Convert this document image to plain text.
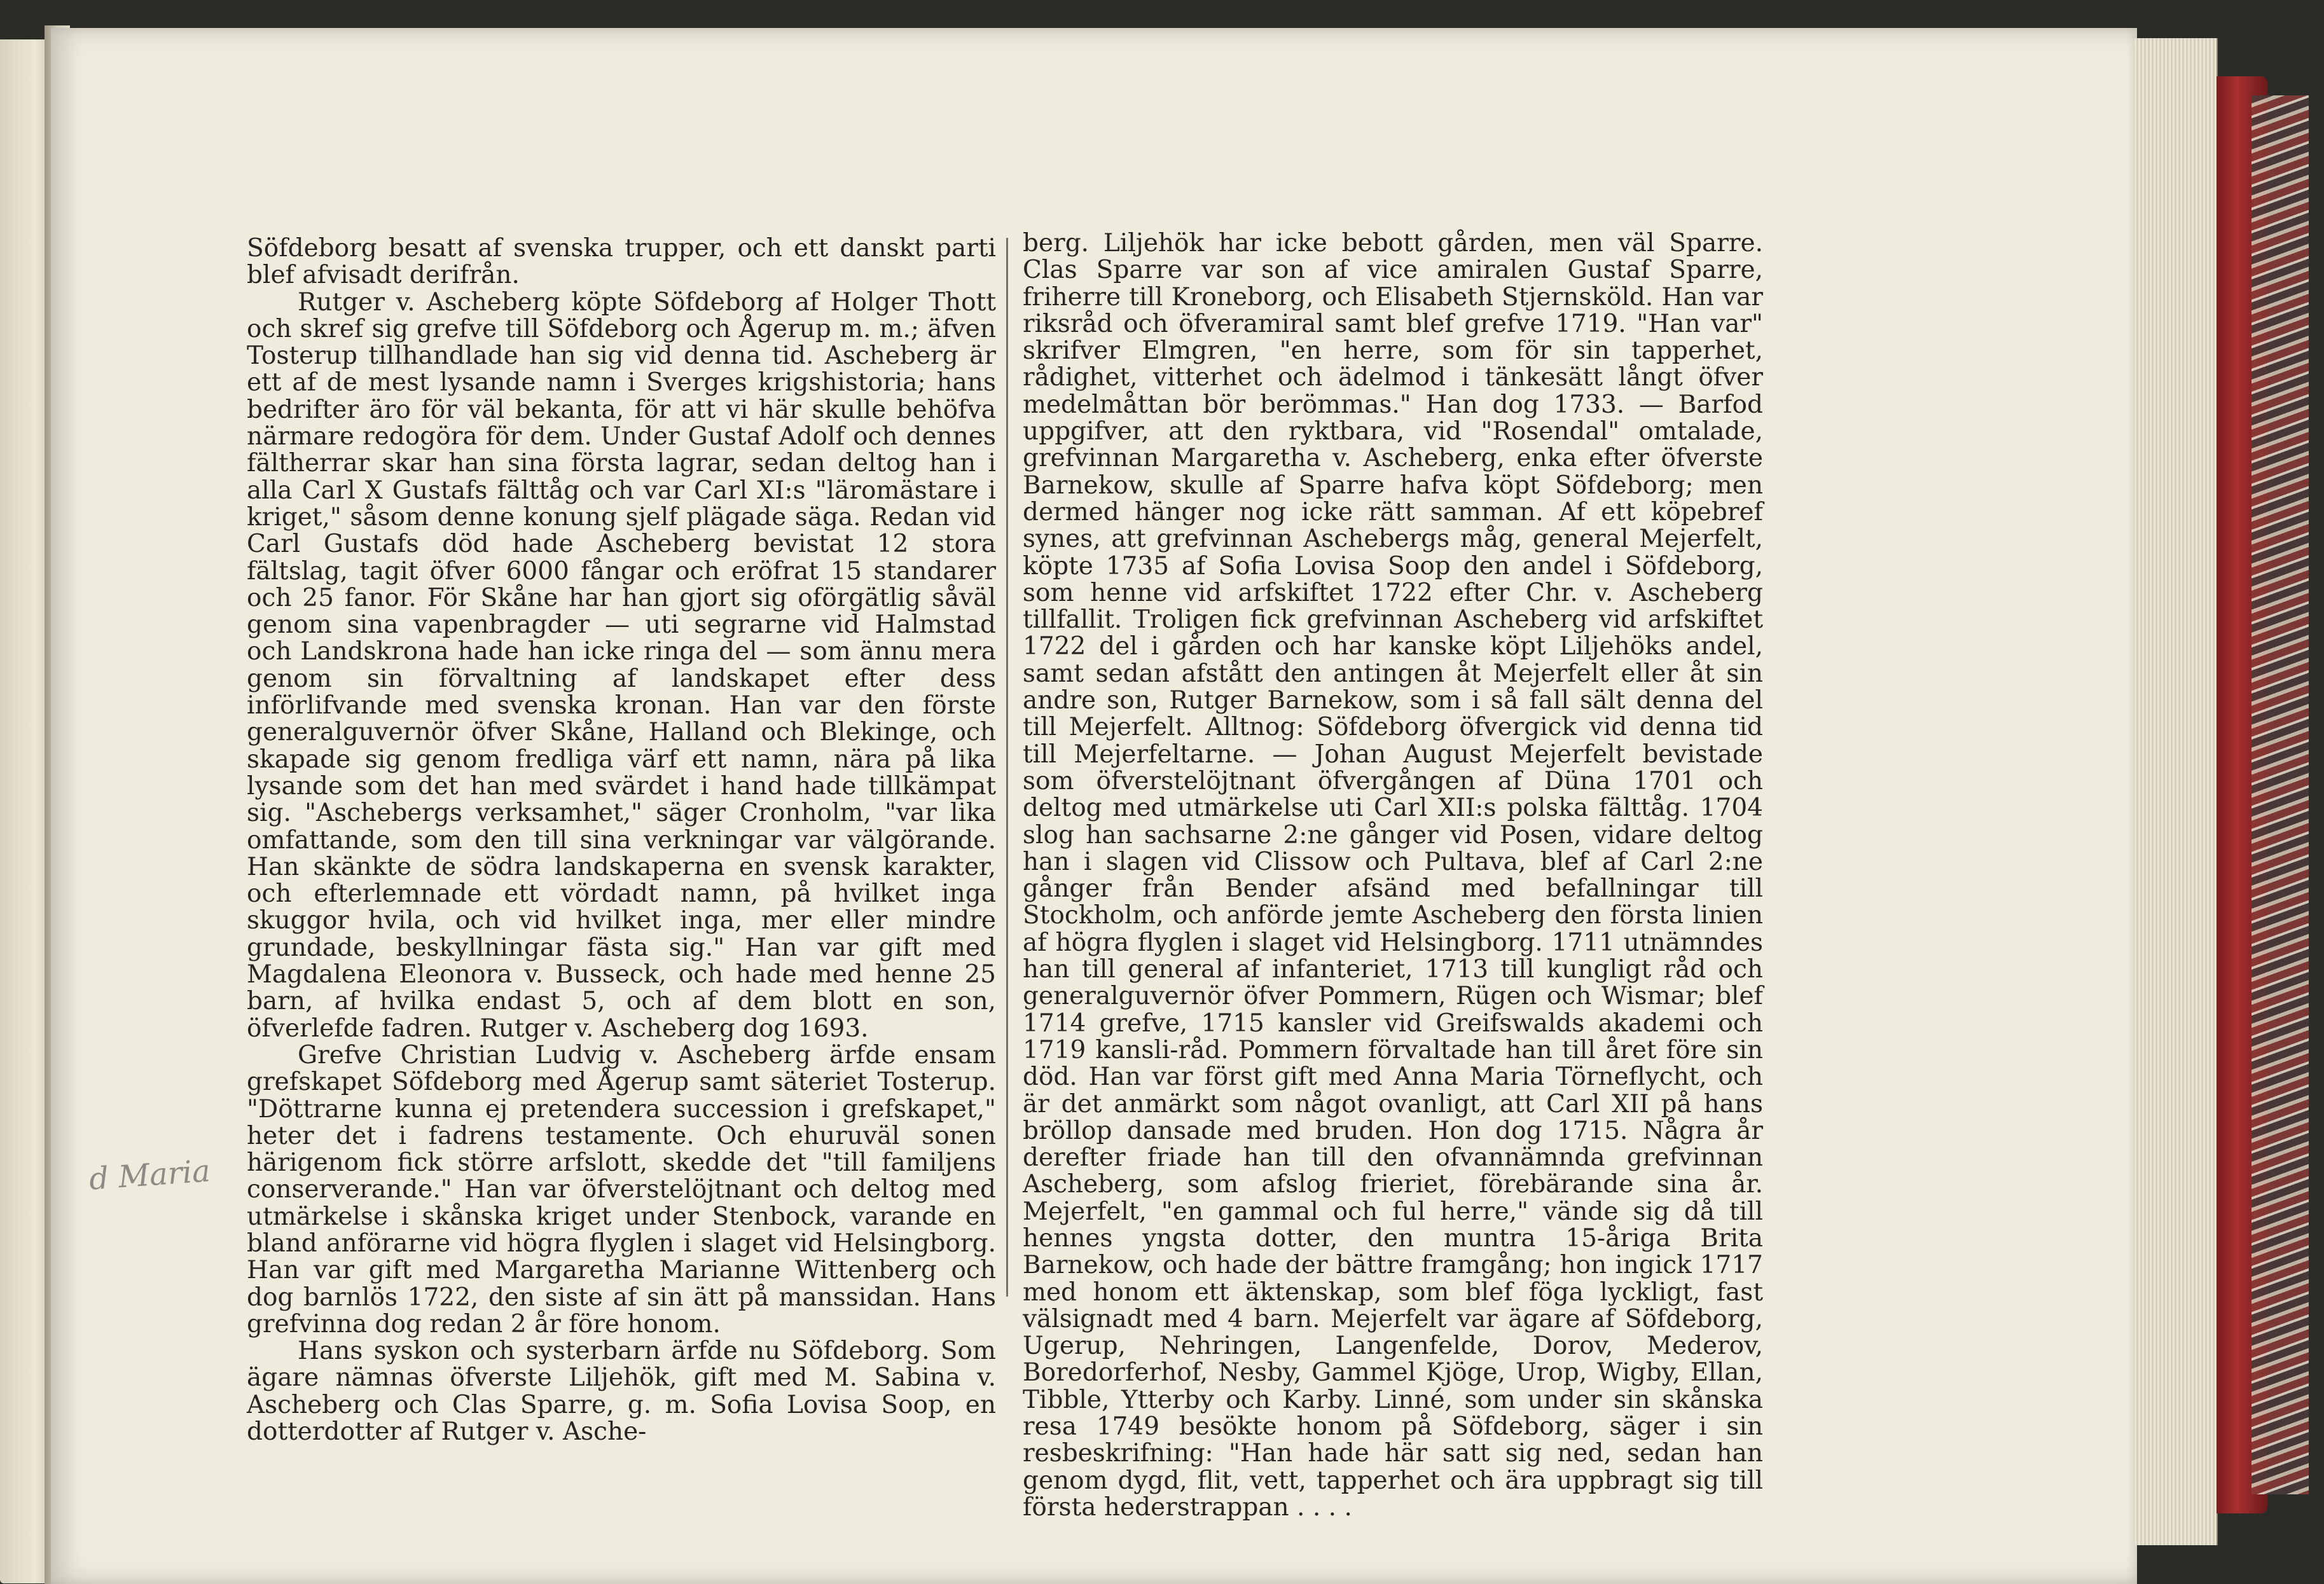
Söfdeborg besatt af svenska trupper, och ett danskt parti blef afvisadt derifrån.

Rutger v. Ascheberg köpte Söfdeborg af Holger Thott och skref sig grefve till Söfdeborg och Ågerup m. m.; äfven Tosterup tillhandlade han sig vid denna tid. Ascheberg är ett af de mest lysande namn i Sverges krigshistoria; hans bedrifter äro för väl bekanta, för att vi här skulle behöfva närmare redogöra för dem. Under Gustaf Adolf och dennes fältherrar skar han sina första lagrar, sedan deltog han i alla Carl X Gustafs fälttåg och var Carl XI:s "läromästare i kriget," såsom denne konung sjelf plägade säga. Redan vid Carl Gustafs död hade Ascheberg bevistat 12 stora fältslag, tagit öfver 6000 fångar och eröfrat 15 standarer och 25 fanor. För Skåne har han gjort sig oförgätlig såväl genom sina vapenbragder — uti segrarne vid Halmstad och Landskrona hade han icke ringa del — som ännu mera genom sin förvaltning af landskapet efter dess införlifvande med svenska kronan. Han var den förste generalguvernör öfver Skåne, Halland och Blekinge, och skapade sig genom fredliga värf ett namn, nära på lika lysande som det han med svärdet i hand hade tillkämpat sig. "Aschebergs verksamhet," säger Cronholm, "var lika omfattande, som den till sina verkningar var välgörande. Han skänkte de södra landskaperna en svensk karakter, och efterlemnade ett vördadt namn, på hvilket inga skuggor hvila, och vid hvilket inga, mer eller mindre grundade, beskyllningar fästa sig." Han var gift med Magdalena Eleonora v. Busseck, och hade med henne 25 barn, af hvilka endast 5, och af dem blott en son, öfverlefde fadren. Rutger v. Ascheberg dog 1693.

Grefve Christian Ludvig v. Ascheberg ärfde ensam grefskapet Söfdeborg med Ågerup samt säteriet Tosterup. "Döttrarne kunna ej pretendera succession i grefskapet," heter det i fadrens testamente. Och ehuruväl sonen härigenom fick större arfslott, skedde det "till familjens conserverande." Han var öfverstelöjtnant och deltog med utmärkelse i skånska kriget under Stenbock, varande en bland anförarne vid högra flyglen i slaget vid Helsingborg. Han var gift med Margaretha Marianne Wittenberg och dog barnlös 1722, den siste af sin ätt på manssidan. Hans grefvinna dog redan 2 år före honom.

Hans syskon och systerbarn ärfde nu Söfdeborg. Som ägare nämnas öfverste Liljehök, gift med M. Sabina v. Ascheberg och Clas Sparre, g. m. Sofia Lovisa Soop, en dotterdotter af Rutger v. Asche-

berg. Liljehök har icke bebott gården, men väl Sparre. Clas Sparre var son af vice amiralen Gustaf Sparre, friherre till Kroneborg, och Elisabeth Stjernsköld. Han var riksråd och öfveramiral samt blef grefve 1719. "Han var" skrifver Elmgren, "en herre, som för sin tapperhet, rådighet, vitterhet och ädelmod i tänkesätt långt öfver medelmåttan bör berömmas." Han dog 1733. — Barfod uppgifver, att den ryktbara, vid "Rosendal" omtalade, grefvinnan Margaretha v. Ascheberg, enka efter öfverste Barnekow, skulle af Sparre hafva köpt Söfdeborg; men dermed hänger nog icke rätt samman. Af ett köpebref synes, att grefvinnan Aschebergs måg, general Mejerfelt, köpte 1735 af Sofia Lovisa Soop den andel i Söfdeborg, som henne vid arfskiftet 1722 efter Chr. v. Ascheberg tillfallit. Troligen fick grefvinnan Ascheberg vid arfskiftet 1722 del i gården och har kanske köpt Liljehöks andel, samt sedan afstått den antingen åt Mejerfelt eller åt sin andre son, Rutger Barnekow, som i så fall sält denna del till Mejerfelt. Alltnog: Söfdeborg öfvergick vid denna tid till Mejerfeltarne. — Johan August Mejerfelt bevistade som öfverstelöjtnant öfvergången af Düna 1701 och deltog med utmärkelse uti Carl XII:s polska fälttåg. 1704 slog han sachsarne 2:ne gånger vid Posen, vidare deltog han i slagen vid Clissow och Pultava, blef af Carl 2:ne gånger från Bender afsänd med befallningar till Stockholm, och anförde jemte Ascheberg den första linien af högra flyglen i slaget vid Helsingborg. 1711 utnämndes han till general af infanteriet, 1713 till kungligt råd och generalguvernör öfver Pommern, Rügen och Wismar; blef 1714 grefve, 1715 kansler vid Greifswalds akademi och 1719 kansli-råd. Pommern förvaltade han till året före sin död. Han var först gift med Anna Maria Törneflycht, och är det anmärkt som något ovanligt, att Carl XII på hans bröllop dansade med bruden. Hon dog 1715. Några år derefter friade han till den ofvannämnda grefvinnan Ascheberg, som afslog frieriet, förebärande sina år. Mejerfelt, "en gammal och ful herre," vände sig då till hennes yngsta dotter, den muntra 15-åriga Brita Barnekow, och hade der bättre framgång; hon ingick 1717 med honom ett äktenskap, som blef föga lyckligt, fast välsignadt med 4 barn. Mejerfelt var ägare af Söfdeborg, Ugerup, Nehringen, Langenfelde, Dorov, Mederov, Boredorferhof, Nesby, Gammel Kjöge, Urop, Wigby, Ellan, Tibble, Ytterby och Karby. Linné, som under sin skånska resa 1749 besökte honom på Söfdeborg, säger i sin resbeskrifning: "Han hade här satt sig ned, sedan han genom dygd, flit, vett, tapperhet och ära uppbragt sig till första hederstrappan . . . .

d Maria
